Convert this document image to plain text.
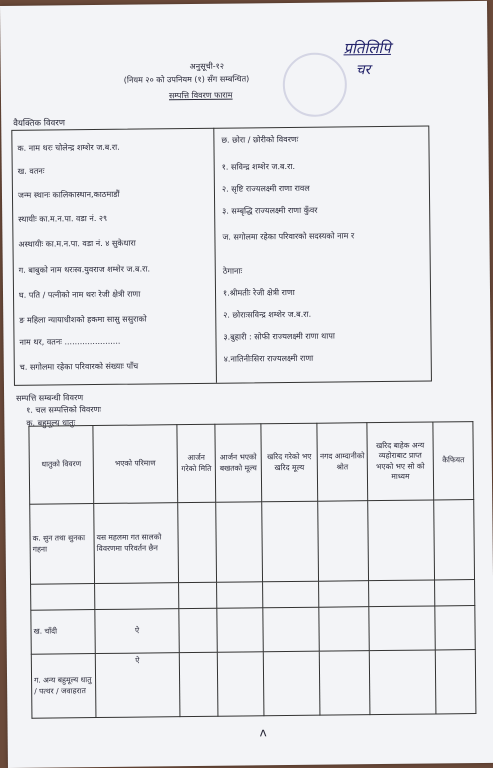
अनुसूची-१२
(नियम २० को उपनियम (१) सँग सम्बन्धित)
सम्पत्ति विवरण फाराम
प्रतिलिपि
चर
वैयक्तिक विवरण
क. नाम थरः चोलेन्द्र शम्शेर ज.ब.रा.
ख. वतनः
जन्म स्थानः कालिकास्थान,काठमाडौं
स्थायीः का.म.न.पा. वडा नं. २९
अस्थायीः का.म.न.पा. वडा नं. ४ सुकेधारा
ग. बाबुको नाम थरःस्व.युवराज शम्शेर ज.ब.रा.
घ. पति / पत्नीको नाम थरः रेजी क्षेत्री राणा
ङ महिला न्यायाधीशको हकमा सासु ससुराको
नाम थर, वतनः ......................
च. सगोलमा रहेका परिवारको संख्याः पाँच
छ. छोरा / छोरीको विवरणः
१. सविन्द्र शम्शेर ज.ब.रा.
२. सृष्टि राज्यलक्ष्मी राणा रावल
३. सम्बृद्धि राज्यलक्ष्मी राणा कुँवर
ज. सगोलमा रहेका परिवारको सदस्यको नाम र
ठेगानाः
१.श्रीमतीः रेजी क्षेत्री राणा
२. छोराःसविन्द्र शम्शेर ज.ब.रा.
३.बुहारी : सोफी राज्यलक्ष्मी राणा थापा
४.नातिनीःसिरा राज्यलक्ष्मी राणा
सम्पत्ति सम्बन्धी विवरण
१. चल सम्पत्तिको विवरणः
क. बहुमूल्य धातुः
धातुको विवरण	भएको परिमाण	आर्जन गरेको मिति	आर्जन भएको बखतको मूल्य	खरिद गरेको भए खरिद मूल्य	नगद आम्दानीको श्रोत	खरिद बाहेक अन्य व्यहोराबाट प्राप्त भएको भए सो को माध्यम	कैफियत
क. सुन तथा सुनका गहना	यस महलमा गत सालको विवरणमा परिवर्तन छैन						

ख. चाँदी	ऐ						
ग. अन्य बहुमूल्य धातु / पत्थर / जवाहरात	ऐ						
ᴧ
